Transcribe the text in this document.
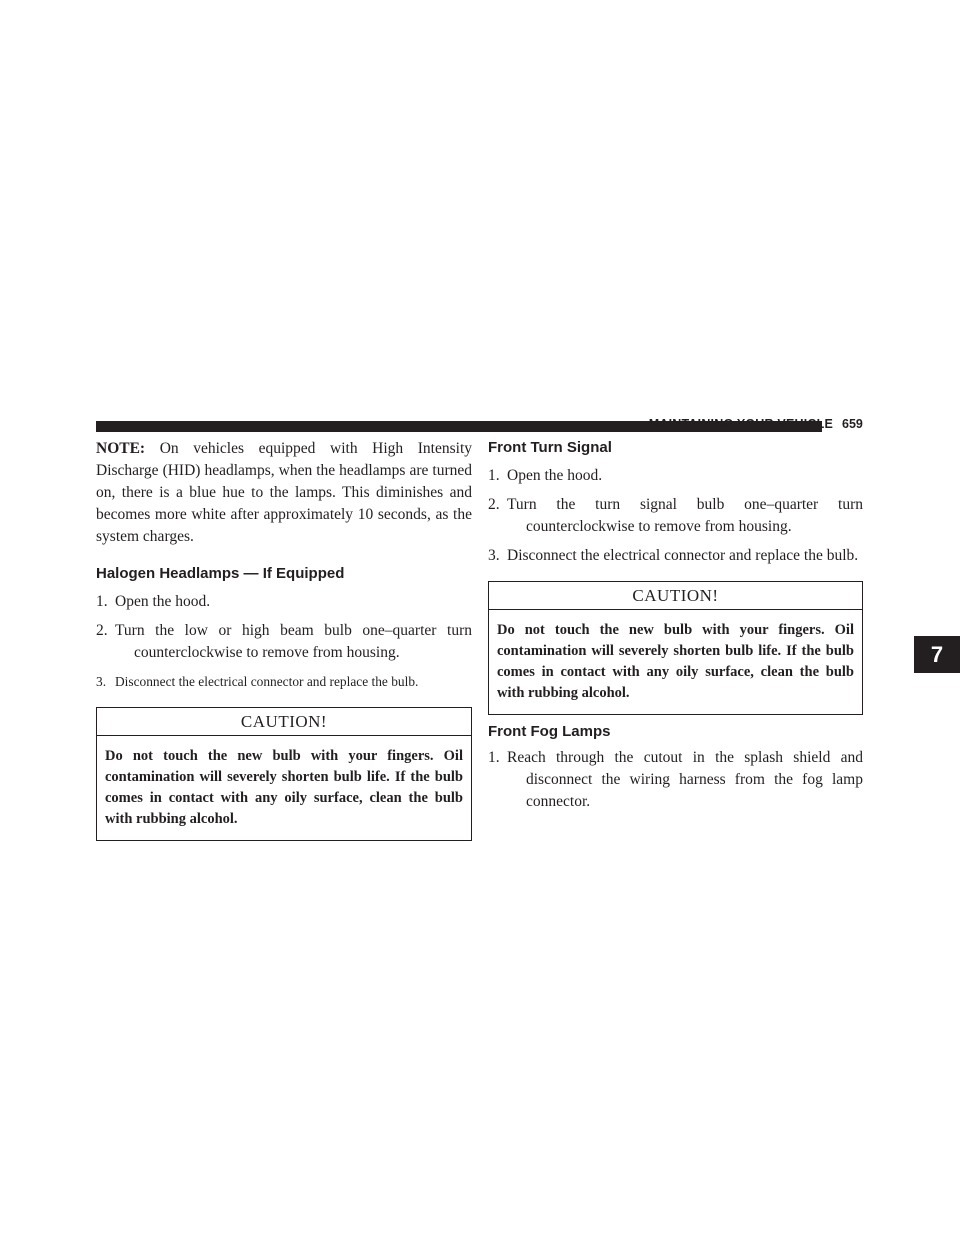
MAINTAINING YOUR VEHICLE 659
7

NOTE: On vehicles equipped with High Intensity Discharge (HID) headlamps, when the headlamps are turned on, there is a blue hue to the lamps. This diminishes and becomes more white after approximately 10 seconds, as the system charges.

Halogen Headlamps — If Equipped
1. Open the hood.
2. Turn the low or high beam bulb one–quarter turn counterclockwise to remove from housing.
3. Disconnect the electrical connector and replace the bulb.
CAUTION!
Do not touch the new bulb with your fingers. Oil contamination will severely shorten bulb life. If the bulb comes in contact with any oily surface, clean the bulb with rubbing alcohol.
Front Turn Signal
1. Open the hood.
2. Turn the turn signal bulb one–quarter turn counterclockwise to remove from housing.
3. Disconnect the electrical connector and replace the bulb.
CAUTION!
Do not touch the new bulb with your fingers. Oil contamination will severely shorten bulb life. If the bulb comes in contact with any oily surface, clean the bulb with rubbing alcohol.
Front Fog Lamps
1. Reach through the cutout in the splash shield and disconnect the wiring harness from the fog lamp connector.
